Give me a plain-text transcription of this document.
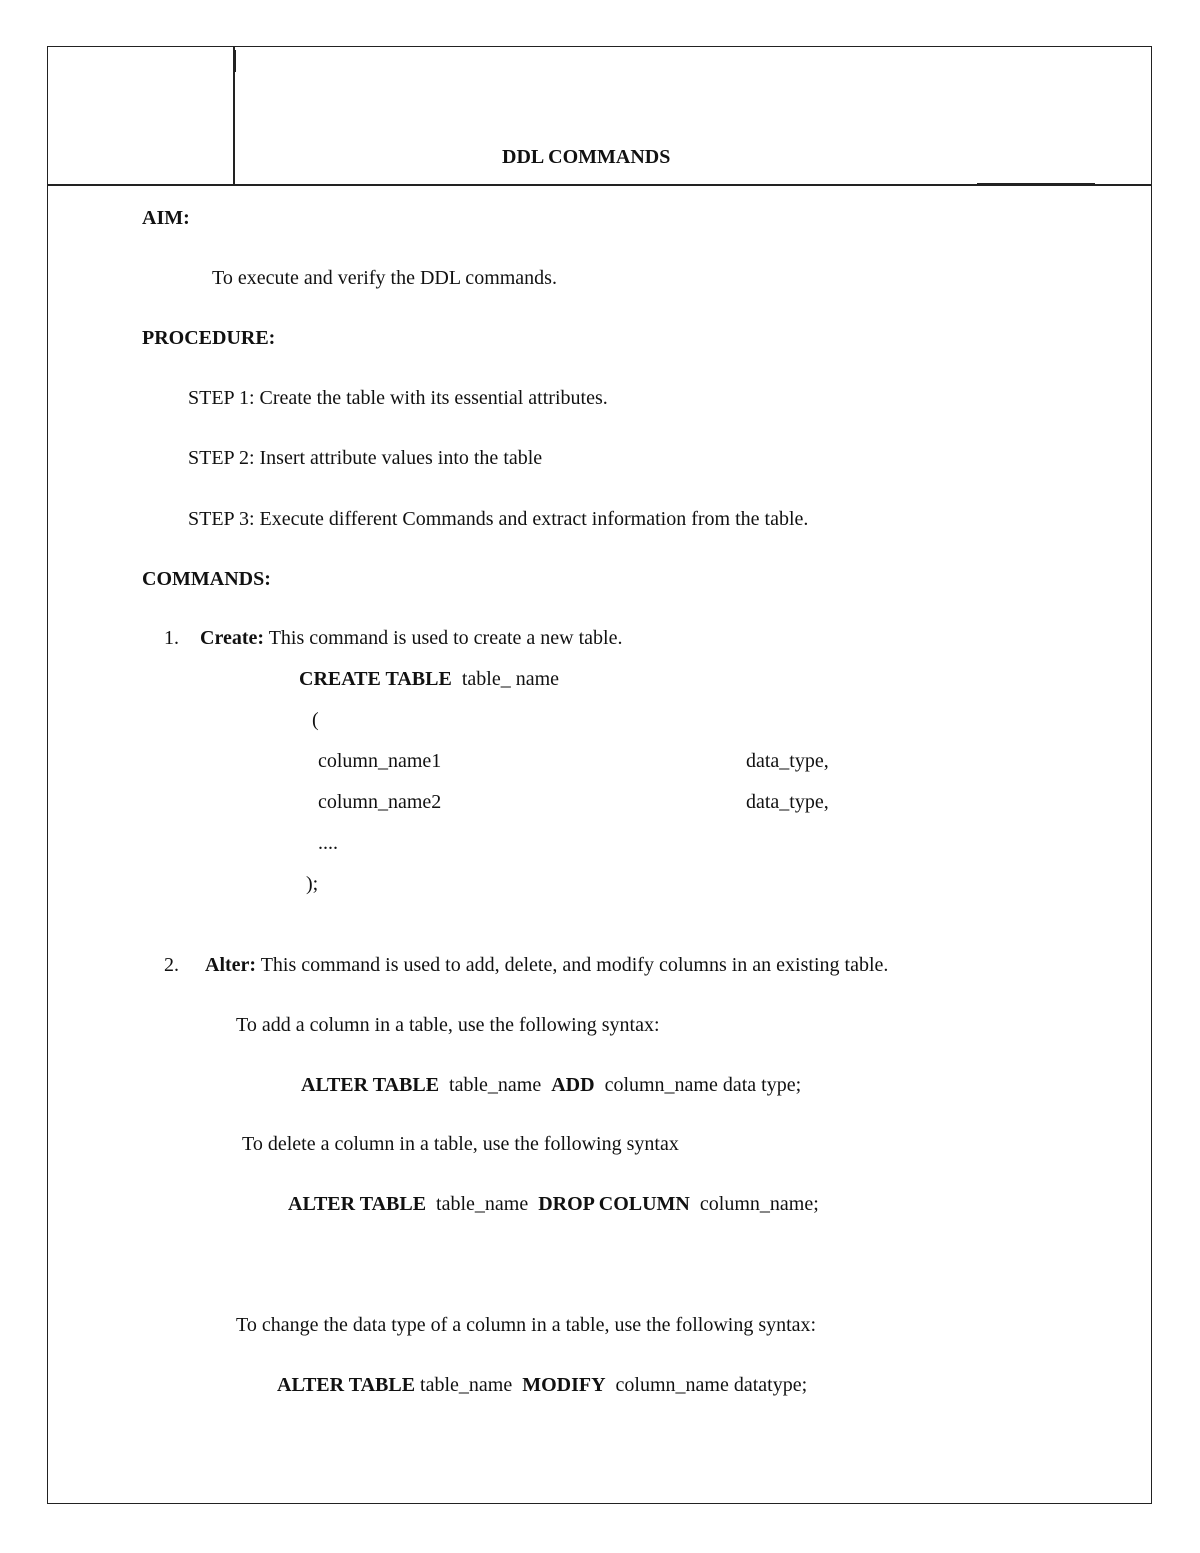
DDL COMMANDS
AIM:
To execute and verify the DDL commands.
PROCEDURE:
STEP 1: Create the table with its essential attributes.
STEP 2: Insert attribute values into the table
STEP 3: Execute different Commands and extract information from the table.
COMMANDS:
1. Create: This command is used to create a new table.
CREATE TABLE table_ name
(
column_name1	data_type,
column_name2	data_type,
....
);
2. Alter: This command is used to add, delete, and modify columns in an existing table.
To add a column in a table, use the following syntax:
ALTER TABLE table_name ADD column_name data type;
To delete a column in a table, use the following syntax
ALTER TABLE table_name DROP COLUMN column_name;
To change the data type of a column in a table, use the following syntax:
ALTER TABLE table_name MODIFY column_name datatype;
